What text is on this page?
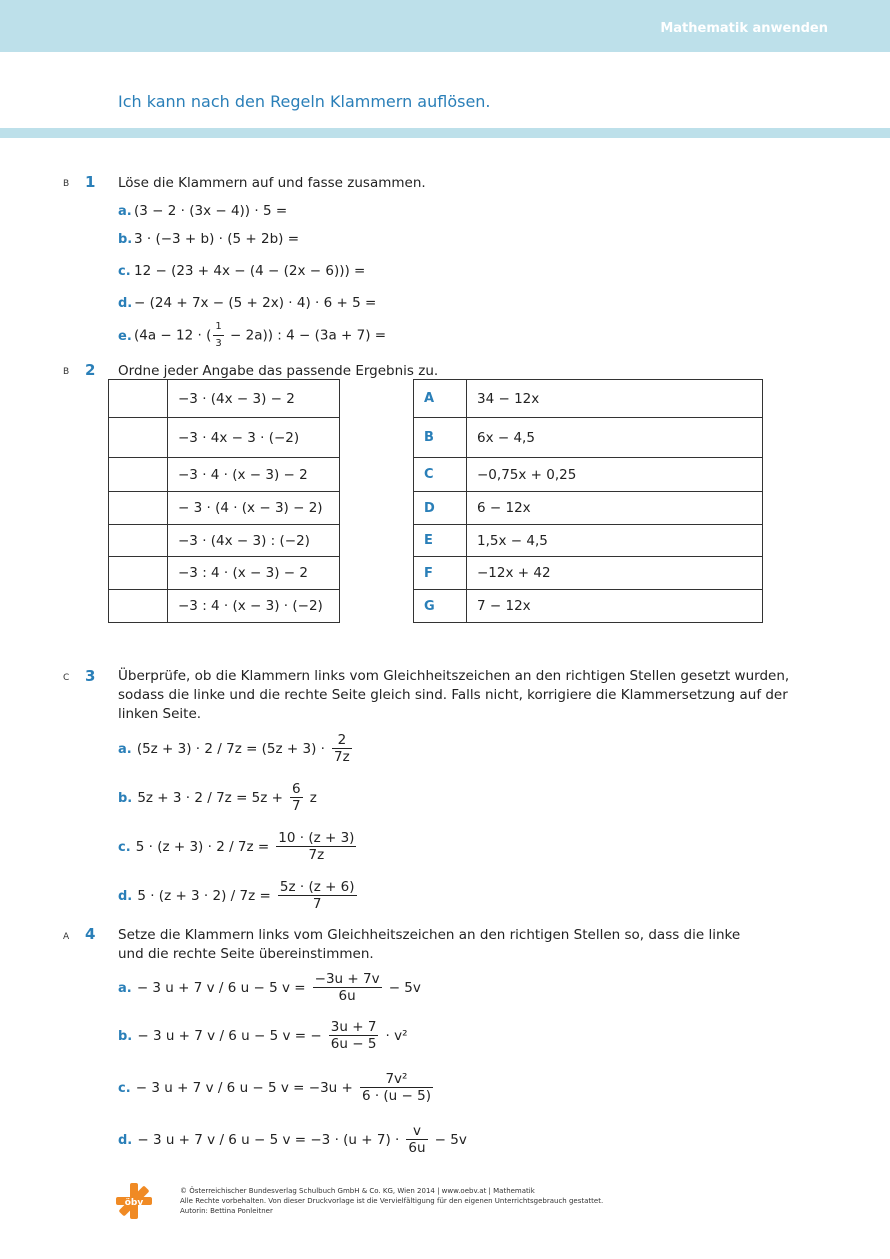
Mathematik anwenden
Ich kann nach den Regeln Klammern auflösen.
B 1 Löse die Klammern auf und fasse zusammen.
a. (3 − 2 · (3x − 4)) · 5 =
b. 3 · (−3 + b) · (5 + 2b) =
c. 12 − (23 + 4x − (4 − (2x − 6))) =
d. − (24 + 7x − (5 + 2x) · 4) · 6 + 5 =
e. (4a − 12 · ( $\frac{1}{3} - 2a$)) : 4 − (3a + 7) =
B 2 Ordne jeder Angabe das passende Ergebnis zu.
	−3 · (4x − 3) − 2
	−3 · 4x − 3 · (−2)
	−3 · 4 · (x − 3) − 2
	− 3 · (4 · (x − 3) − 2)
	−3 · (4x − 3) : (−2)
	−3 : 4 · (x − 3) − 2
	−3 : 4 · (x − 3) · (−2)
A	34 − 12x
B	6x − 4,5
C	−0,75x + 0,25
D	6 − 12x
E	1,5x − 4,5
F	−12x + 42
G	7 − 12x
C 3 Überprüfe, ob die Klammern links vom Gleichheitszeichen an den richtigen Stellen gesetzt wurden, sodass die linke und die rechte Seite gleich sind. Falls nicht, korrigiere die Klammersetzung auf der linken Seite.
a. $(5z + 3) \cdot 2 / 7z = (5z + 3) \cdot \frac{2}{7z}$
b. $5z + 3 \cdot 2 / 7z = 5z + \frac{6}{7}$ z
c. $5 \cdot (z + 3) \cdot 2 / 7z = \frac{10 \cdot (z + 3)}{7z}$
d. $5 \cdot (z + 3 \cdot 2) / 7z = \frac{5z \cdot (z + 6)}{7}$
A 4 Setze die Klammern links vom Gleichheitszeichen an den richtigen Stellen so, dass die linke und die rechte Seite übereinstimmen.
a. − 3 u + 7 v / 6 u − 5 $v = \frac{-3u + 7v}{6u} - 5v$
b. − 3 u + 7 v / 6 u − 5 v = − $\frac{3u + 7}{6u - 5} \cdot v^2$
c. − 3 u + 7 v / 6 u − 5 $v = -3u + \frac{\text{7v²}}{6 \cdot (u - 5)}$
d. − 3 u + 7 v / 6 u − 5 $v = -3 \cdot (u + 7) \cdot \frac{v}{6u} - 5v$
öbv
© Österreichischer Bundesverlag Schulbuch GmbH & Co. KG, Wien 2014 | www.oebv.at | Mathematik
Alle Rechte vorbehalten. Von dieser Druckvorlage ist die Vervielfältigung für den eigenen Unterrichtsgebrauch gestattet.
Autorin: Bettina Ponleitner
